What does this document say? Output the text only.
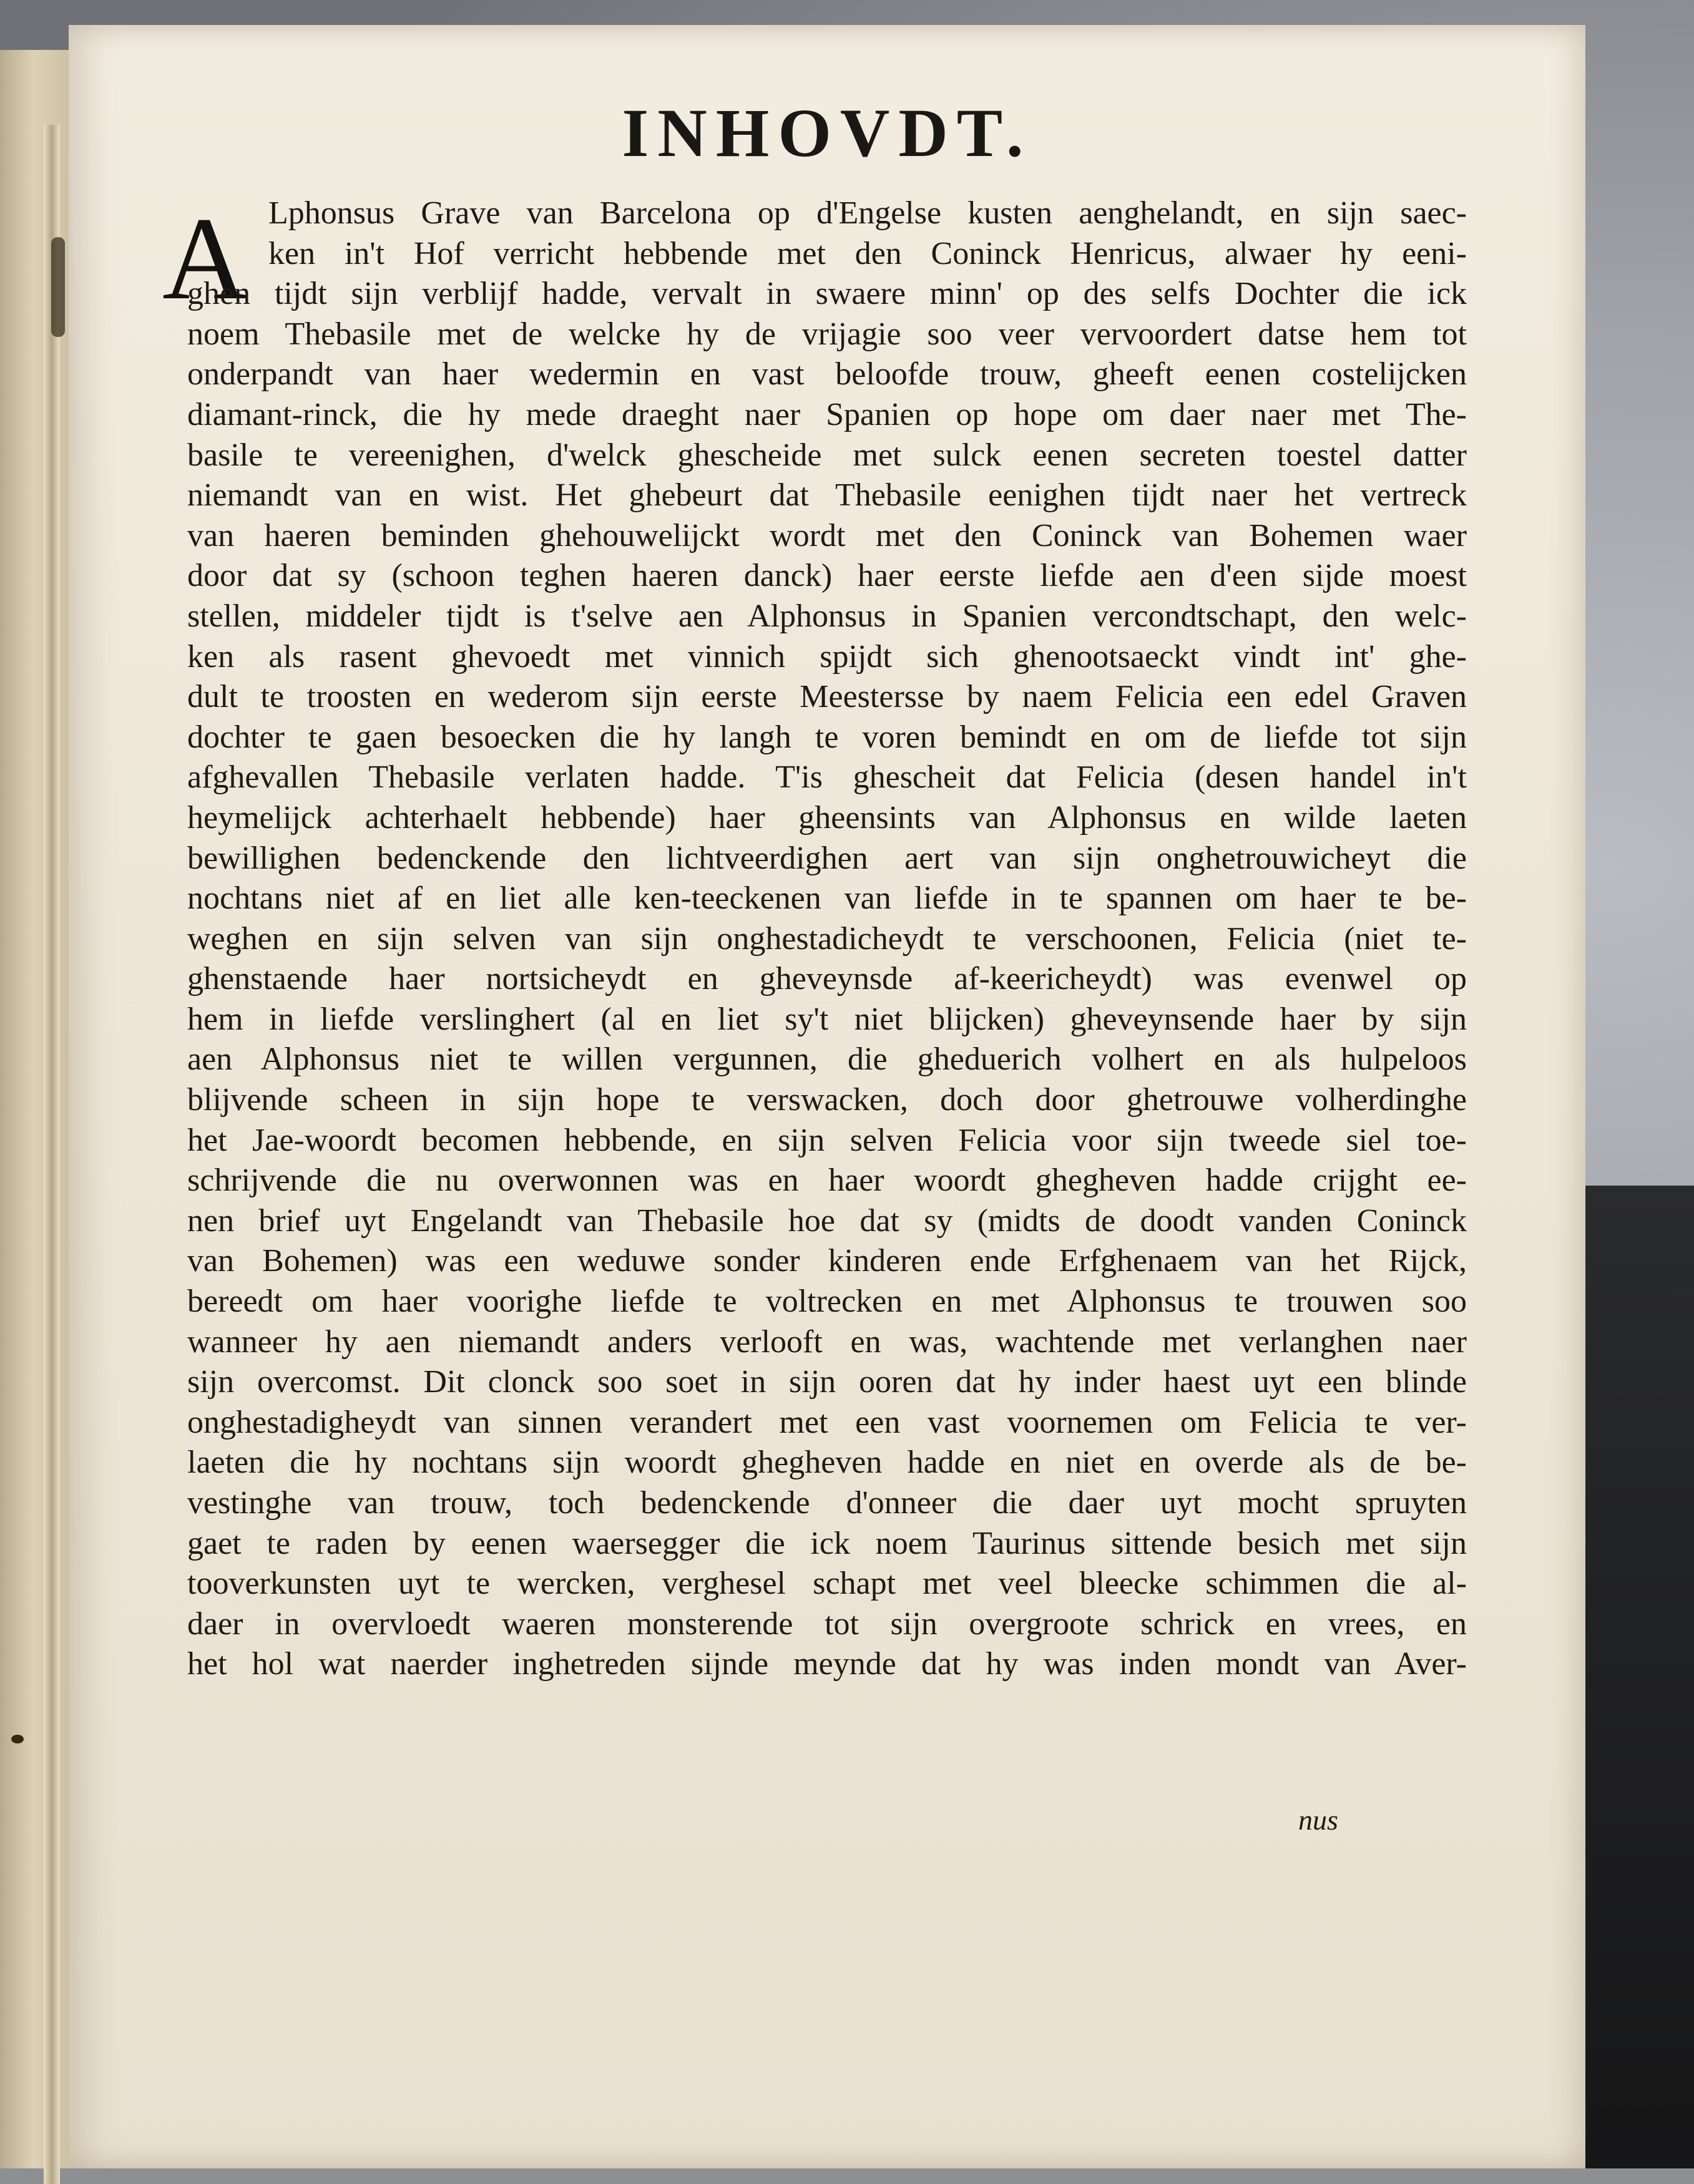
INHOVDT.
A Lphonsus Grave van Barcelona op d'Engelse kusten aenghelandt, en sijn saec-
ken in't Hof verricht hebbende met den Coninck Henricus, alwaer hy eeni-
ghen tijdt sijn verblijf hadde, vervalt in swaere minn' op des selfs Dochter die ick
noem Thebasile met de welcke hy de vrijagie soo veer vervoordert datse hem tot
onderpandt van haer wedermin en vast beloofde trouw, gheeft eenen costelijcken
diamant-rinck, die hy mede draeght naer Spanien op hope om daer naer met The-
basile te vereenighen, d'welck ghescheide met sulck eenen secreten toestel datter
niemandt van en wist. Het ghebeurt dat Thebasile eenighen tijdt naer het vertreck
van haeren beminden ghehouwelijckt wordt met den Coninck van Bohemen waer
door dat sy (schoon teghen haeren danck) haer eerste liefde aen d'een sijde moest
stellen, middeler tijdt is t'selve aen Alphonsus in Spanien vercondtschapt, den welc-
ken als rasent ghevoedt met vinnich spijdt sich ghenootsaeckt vindt int' ghe-
dult te troosten en wederom sijn eerste Meestersse by naem Felicia een edel Graven
dochter te gaen besoecken die hy langh te voren bemindt en om de liefde tot sijn
afghevallen Thebasile verlaten hadde. T'is ghescheit dat Felicia (desen handel in't
heymelijck achterhaelt hebbende) haer gheensints van Alphonsus en wilde laeten
bewillighen bedenckende den lichtveerdighen aert van sijn onghetrouwicheyt die
nochtans niet af en liet alle ken-teeckenen van liefde in te spannen om haer te be-
weghen en sijn selven van sijn onghestadicheydt te verschoonen, Felicia (niet te-
ghenstaende haer nortsicheydt en gheveynsde af-keericheydt) was evenwel op
hem in liefde verslinghert (al en liet sy't niet blijcken) gheveynsende haer by sijn
aen Alphonsus niet te willen vergunnen, die gheduerich volhert en als hulpeloos
blijvende scheen in sijn hope te verswacken, doch door ghetrouwe volherdinghe
het Jae-woordt becomen hebbende, en sijn selven Felicia voor sijn tweede siel toe-
schrijvende die nu overwonnen was en haer woordt ghegheven hadde crijght ee-
nen brief uyt Engelandt van Thebasile hoe dat sy (midts de doodt vanden Coninck
van Bohemen) was een weduwe sonder kinderen ende Erfghenaem van het Rijck,
bereedt om haer voorighe liefde te voltrecken en met Alphonsus te trouwen soo
wanneer hy aen niemandt anders verlooft en was, wachtende met verlanghen naer
sijn overcomst. Dit clonck soo soet in sijn ooren dat hy inder haest uyt een blinde
onghestadigheydt van sinnen verandert met een vast voornemen om Felicia te ver-
laeten die hy nochtans sijn woordt ghegheven hadde en niet en overde als de be-
vestinghe van trouw, toch bedenckende d'onneer die daer uyt mocht spruyten
gaet te raden by eenen waersegger die ick noem Taurinus sittende besich met sijn
tooverkunsten uyt te wercken, verghesel schapt met veel bleecke schimmen die al-
daer in overvloedt waeren monsterende tot sijn overgroote schrick en vrees, en
het hol wat naerder inghetreden sijnde meynde dat hy was inden mondt van Aver-
nus
